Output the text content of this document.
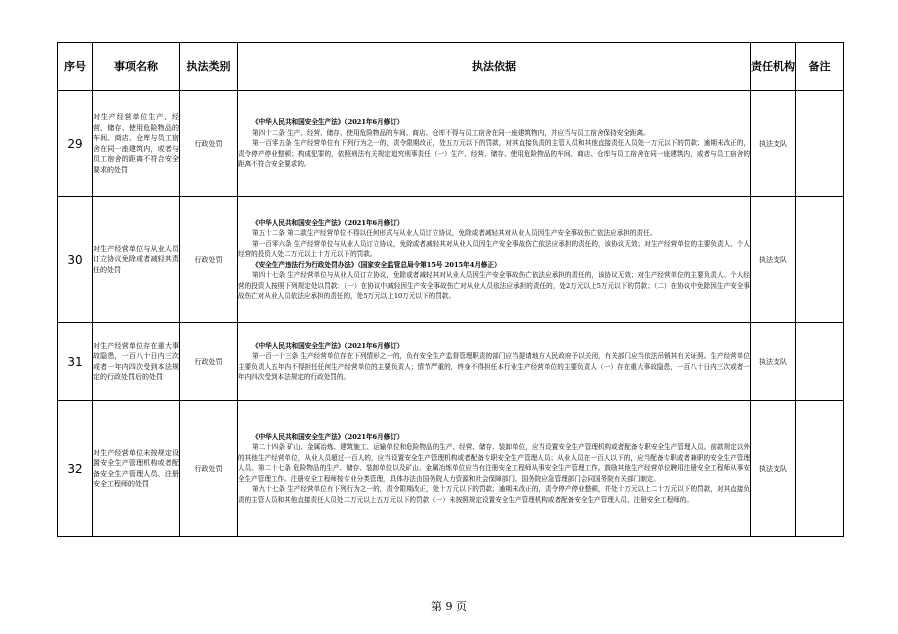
序号	事项名称	执法类别	执法依据	责任机构	备注
29	对生产经营单位生产、经营、储存、使用危险物品的车间、商店、仓库与员工宿舍在同一座建筑内，或者与员工宿舍的距离不符合安全要求的处罚	行政处罚	《中华人民共和国安全生产法》（2021年6月修订）
第四十二条 生产、经营、储存、使用危险物品的车间、商店、仓库不得与员工宿舍在同一座建筑物内，并应当与员工宿舍保持安全距离。
第一百零五条 生产经营单位有下列行为之一的，责令限期改正，处五万元以下的罚款，对其直接负责的主管人员和其他直接责任人员处一万元以下的罚款；逾期未改正的，责令停产停业整顿；构成犯罪的，依照刑法有关规定追究刑事责任（一）生产、经营、储存、使用危险物品的车间、商店、仓库与员工宿舍在同一座建筑内，或者与员工宿舍的距离不符合安全要求的。	执法支队	
30	对生产经营单位与从业人员订立协议免除或者减轻其责任的处罚	行政处罚	《中华人民共和国安全生产法》（2021年6月修订）
第五十二条 第二款生产经营单位不得以任何形式与从业人员订立协议，免除或者减轻其对从业人员因生产安全事故伤亡依法应承担的责任。
第一百零六条 生产经营单位与从业人员订立协议，免除或者减轻其对从业人员因生产安全事故伤亡依法应承担的责任的，该协议无效；对生产经营单位的主要负责人、个人经营的投资人处二万元以上十万元以下的罚款。
《安全生产违法行为行政处罚办法》（国家安全监管总局令第15号 2015年4月修正）
第四十七条 生产经营单位与从业人员订立协议，免除或者减轻其对从业人员因生产安全事故伤亡依法应承担的责任的，该协议无效；对生产经营单位的主要负责人、个人经营的投资人按照下列规定处以罚款：（一）在协议中减轻因生产安全事故伤亡对从业人员依法应承担的责任的，处2万元以上5万元以下的罚款；（二）在协议中免除因生产安全事故伤亡对从业人员依法应承担的责任的，处5万元以上10万元以下的罚款。	执法支队	
31	对生产经营单位存在重大事故隐患，一百八十日内三次或者一年内四次受到本法规定的行政处罚后的处罚	行政处罚	《中华人民共和国安全生产法》（2021年6月修订）
第一百一十三条 生产经营单位存在下列情形之一的，负有安全生产监督管理职责的部门应当提请地方人民政府予以关闭，有关部门应当依法吊销其有关证照。生产经营单位主要负责人五年内不得担任任何生产经营单位的主要负责人；情节严重的，终身不得担任本行业生产经营单位的主要负责人（一）存在重大事故隐患，一百八十日内三次或者一年内四次受到本法规定的行政处罚的。	执法支队	
32	对生产经营单位未按规定设置安全生产管理机构或者配备安全生产管理人员、注册安全工程师的处罚	行政处罚	《中华人民共和国安全生产法》（2021年6月修订）
第二十四条 矿山、金属冶炼、建筑施工、运输单位和危险物品的生产、经营、储存、装卸单位，应当设置安全生产管理机构或者配备专职安全生产管理人员。前款规定以外的其他生产经营单位，从业人员超过一百人的，应当设置安全生产管理机构或者配备专职安全生产管理人员；从业人员在一百人以下的，应当配备专职或者兼职的安全生产管理人员。第二十七条 危险物品的生产、储存、装卸单位以及矿山、金属冶炼单位应当有注册安全工程师从事安全生产管理工作。鼓励其他生产经营单位聘用注册安全工程师从事安全生产管理工作。注册安全工程师按专业分类管理，具体办法由国务院人力资源和社会保障部门、国务院应急管理部门会同国务院有关部门制定。
第九十七条 生产经营单位有下列行为之一的，责令限期改正，处十万元以下的罚款；逾期未改正的，责令停产停业整顿，并处十万元以上二十万元以下的罚款，对其直接负责的主管人员和其他直接责任人员处二万元以上五万元以下的罚款（一）未按照规定设置安全生产管理机构或者配备安全生产管理人员、注册安全工程师的。	执法支队	
第 9 页
